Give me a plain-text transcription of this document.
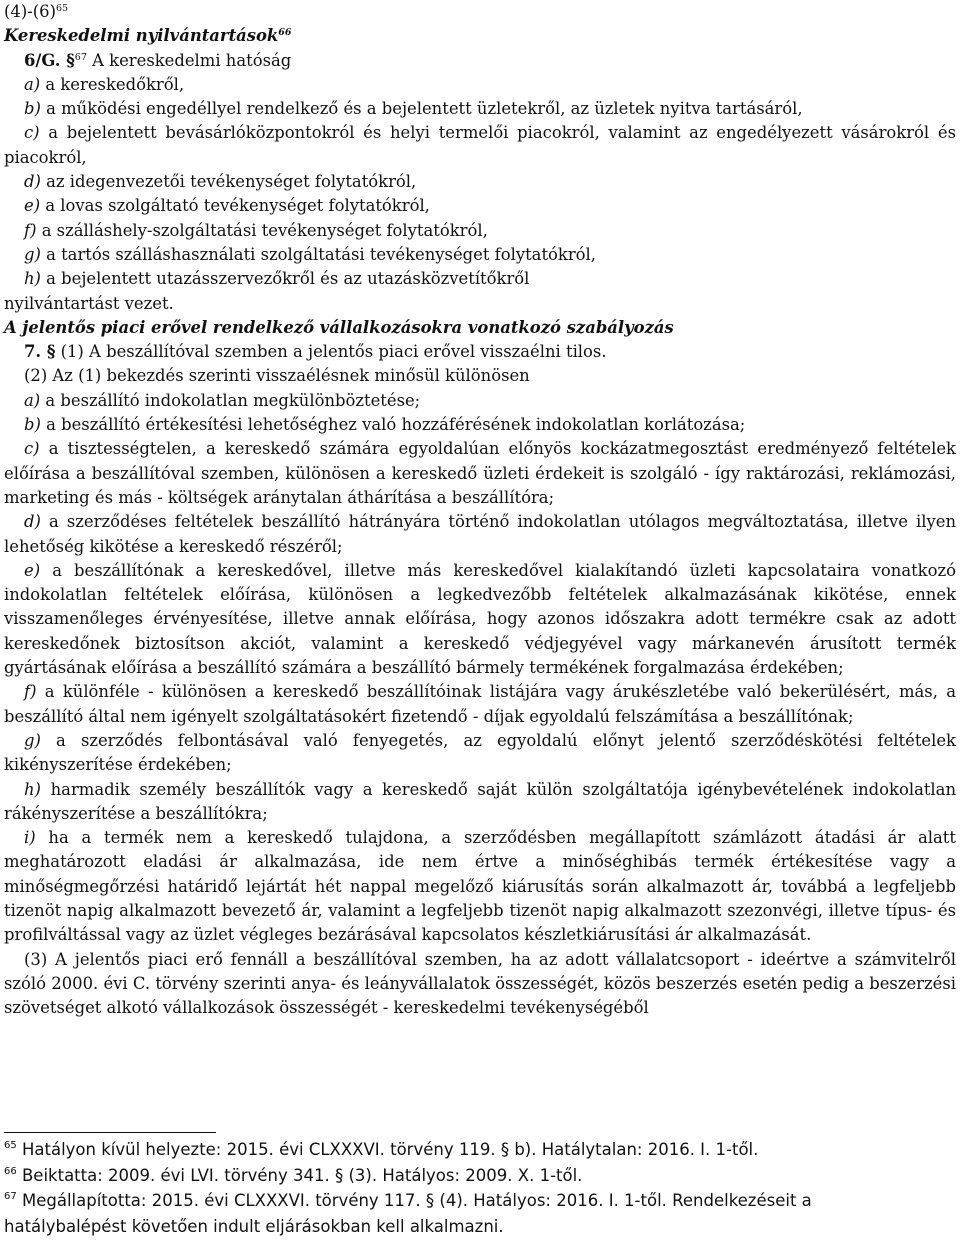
(4)-(6)$^{65}$

Kereskedelmi nyilvántartások$^{66}$

6/G. §$^{67}$ A kereskedelmi hatóság

a) a kereskedőkről,

b) a működési engedéllyel rendelkező és a bejelentett üzletekről, az üzletek nyitva tartásáról,

c) a bejelentett bevásárlóközpontokról és helyi termelői piacokról, valamint az engedélyezett vásárokról és piacokról,

d) az idegenvezetői tevékenységet folytatókról,

e) a lovas szolgáltató tevékenységet folytatókról,

f) a szálláshely-szolgáltatási tevékenységet folytatókról,

g) a tartós szálláshasználati szolgáltatási tevékenységet folytatókról,

h) a bejelentett utazásszervezőkről és az utazásközvetítőkről

nyilvántartást vezet.

A jelentős piaci erővel rendelkező vállalkozásokra vonatkozó szabályozás

7. § (1) A beszállítóval szemben a jelentős piaci erővel visszaélni tilos.

(2) Az (1) bekezdés szerinti visszaélésnek minősül különösen

a) a beszállító indokolatlan megkülönböztetése;

b) a beszállító értékesítési lehetőséghez való hozzáférésének indokolatlan korlátozása;

c) a tisztességtelen, a kereskedő számára egyoldalúan előnyös kockázatmegosztást eredményező feltételek előírása a beszállítóval szemben, különösen a kereskedő üzleti érdekeit is szolgáló - így raktározási, reklámozási, marketing és más - költségek aránytalan áthárítása a beszállítóra;

d) a szerződéses feltételek beszállító hátrányára történő indokolatlan utólagos megváltoztatása, illetve ilyen lehetőség kikötése a kereskedő részéről;

e) a beszállítónak a kereskedővel, illetve más kereskedővel kialakítandó üzleti kapcsolataira vonatkozó indokolatlan feltételek előírása, különösen a legkedvezőbb feltételek alkalmazásának kikötése, ennek visszamenőleges érvényesítése, illetve annak előírása, hogy azonos időszakra adott termékre csak az adott kereskedőnek biztosítson akciót, valamint a kereskedő védjegyével vagy márkanevén árusított termék gyártásának előírása a beszállító számára a beszállító bármely termékének forgalmazása érdekében;

f) a különféle - különösen a kereskedő beszállítóinak listájára vagy árukészletébe való bekerülésért, más, a beszállító által nem igényelt szolgáltatásokért fizetendő - díjak egyoldalú felszámítása a beszállítónak;

g) a szerződés felbontásával való fenyegetés, az egyoldalú előnyt jelentő szerződéskötési feltételek kikényszerítése érdekében;

h) harmadik személy beszállítók vagy a kereskedő saját külön szolgáltatója igénybevételének indokolatlan rákényszerítése a beszállítókra;

i) ha a termék nem a kereskedő tulajdona, a szerződésben megállapított számlázott átadási ár alatt meghatározott eladási ár alkalmazása, ide nem értve a minőséghibás termék értékesítése vagy a minőségmegőrzési határidő lejártát hét nappal megelőző kiárusítás során alkalmazott ár, továbbá a legfeljebb tizenöt napig alkalmazott bevezető ár, valamint a legfeljebb tizenöt napig alkalmazott szezonvégi, illetve típus- és profilváltással vagy az üzlet végleges bezárásával kapcsolatos készletkiárusítási ár alkalmazását.

(3) A jelentős piaci erő fennáll a beszállítóval szemben, ha az adott vállalatcsoport - ideértve a számvitelről szóló 2000. évi C. törvény szerinti anya- és leányvállalatok összességét, közös beszerzés esetén pedig a beszerzési szövetséget alkotó vállalkozások összességét - kereskedelmi tevékenységéből

$^{65}$ Hatályon kívül helyezte: 2015. évi CLXXXVI. törvény 119. § b). Hatálytalan: 2016. I. 1-től.

$^{66}$ Beiktatta: 2009. évi LVI. törvény 341. § (3). Hatályos: 2009. X. 1-től.

$^{67}$ Megállapította: 2015. évi CLXXXVI. törvény 117. § (4). Hatályos: 2016. I. 1-től. Rendelkezéseit a

hatálybalépést követően indult eljárásokban kell alkalmazni.
